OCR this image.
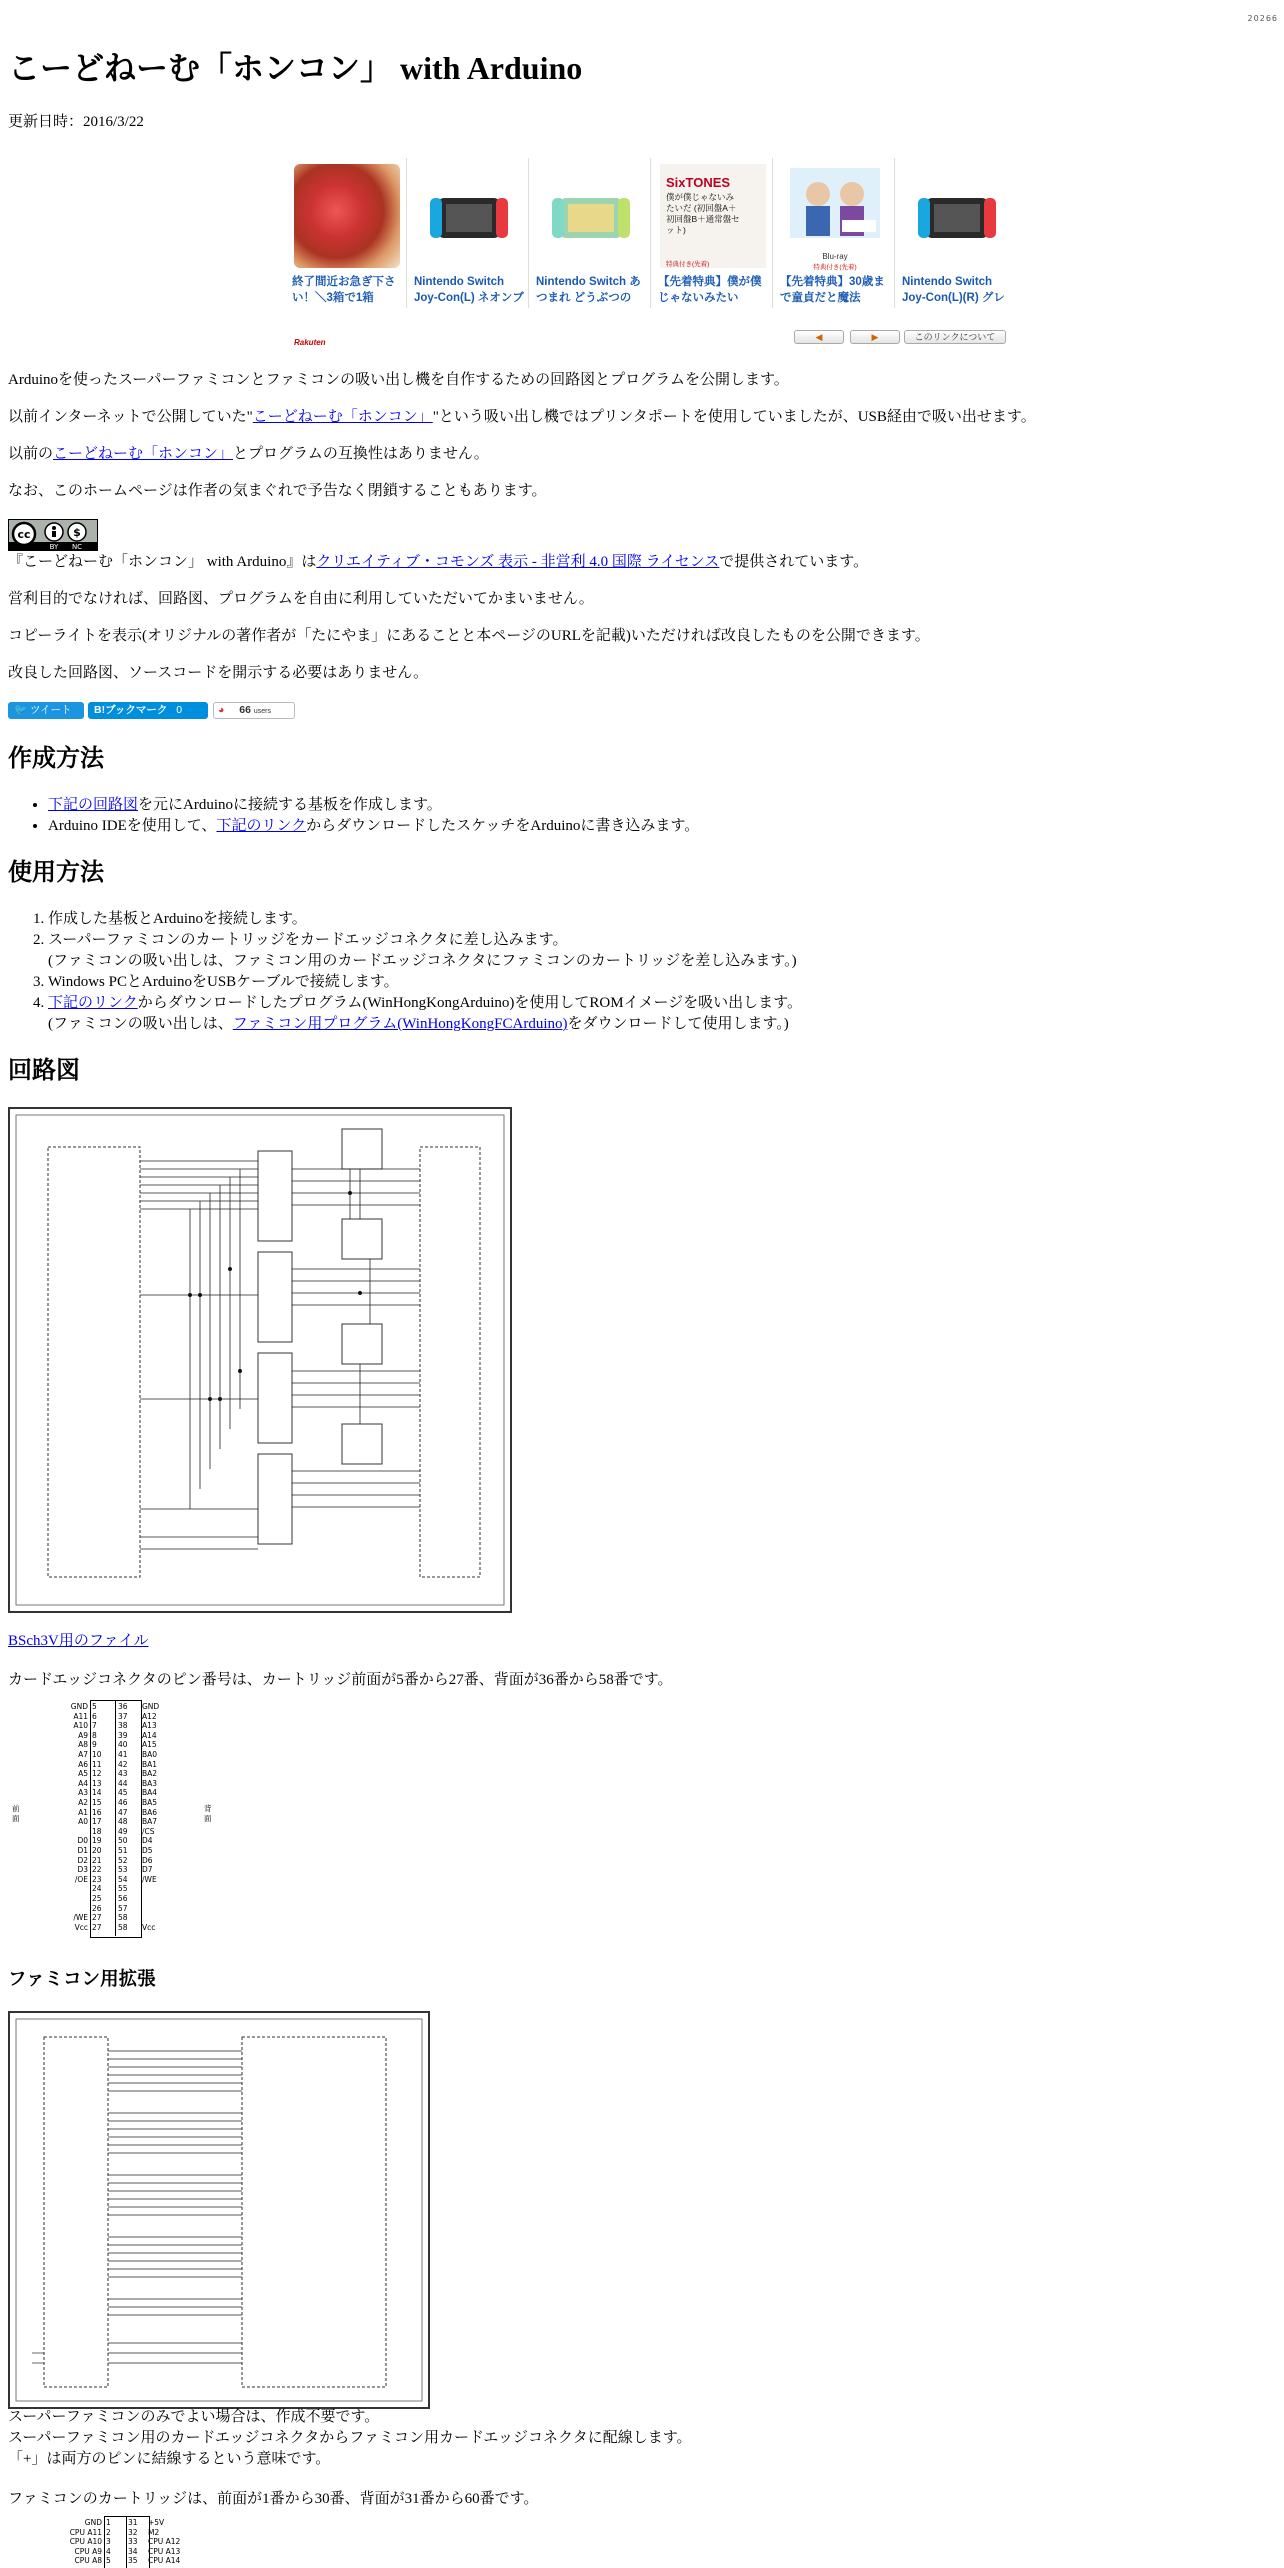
20266
こーどねーむ「ホンコン」 with Arduino
更新日時：2016/3/22
終了間近お急ぎ下さい！＼3箱で1箱
Nintendo Switch Joy-Con(L) ネオンブ
Nintendo Switch あつまれ どうぶつの
SixTONES
僕が僕じゃないみたいだ (初回盤A＋初回盤B＋通常盤セット)
特典付き(先着)
【先着特典】僕が僕じゃないみたい
Blu-ray
特典付き(先着)
【先着特典】30歳まで童貞だと魔法
Nintendo Switch Joy-Con(L)(R) グレ
Rakuten
◀	▶	このリンクについて

Arduinoを使ったスーパーファミコンとファミコンの吸い出し機を自作するための回路図とプログラムを公開します。

以前インターネットで公開していた"こーどねーむ「ホンコン」"という吸い出し機ではプリンタポートを使用していましたが、USB経由で吸い出せます。

以前のこーどねーむ「ホンコン」とプログラムの互換性はありません。

なお、このホームページは作者の気まぐれで予告なく閉鎖することもあります。

cc
BY NC
$

『こーどねーむ「ホンコン」 with Arduino』はクリエイティブ・コモンズ 表示 - 非営利 4.0 国際 ライセンスで提供されています。

営利目的でなければ、回路図、プログラムを自由に利用していただいてかまいません。

コピーライトを表示(オリジナルの著作者が「たにやま」にあることと本ページのURLを記載)いただければ改良したものを公開できます。

改良した回路図、ソースコードを開示する必要はありません。

🐦 ツイート	B!ブックマーク 0	◕ 66 users
作成方法
• 下記の回路図を元にArduinoに接続する基板を作成します。
• Arduino IDEを使用して、下記のリンクからダウンロードしたスケッチをArduinoに書き込みます。
使用方法
1. 作成した基板とArduinoを接続します。
2. スーパーファミコンのカートリッジをカードエッジコネクタに差し込みます。
(ファミコンの吸い出しは、ファミコン用のカードエッジコネクタにファミコンのカートリッジを差し込みます。)
3. Windows PCとArduinoをUSBケーブルで接続します。
4. 下記のリンクからダウンロードしたプログラム(WinHongKongArduino)を使用してROMイメージを吸い出します。
(ファミコンの吸い出しは、ファミコン用プログラム(WinHongKongFCArduino)をダウンロードして使用します。)
回路図
BSch3V用のファイル

カードエッジコネクタのピン番号は、カートリッジ前面が5番から27番、背面が36番から58番です。

前面
背面
GND 5	36	GND
A11 6	37	A12
A10 7	38	A13
A9 8	39	A14
A8 9	40	A15
A7 10	41	BA0
A6 11	42	BA1
A5 12	43	BA2
A4 13	44	BA3
A3 14	45	BA4
A2 15	46	BA5
A1 16	47	BA6
A0 17	48	BA7
18	49	/CS
D0 19	50	D4
D1 20	51	D5
D2 21	52	D6
D3 22	53	D7
/OE 23	54	/WE
24	55
25	56
26	57
/WE 27	58
Vcc 27	58	Vcc
ファミコン用拡張

スーパーファミコンのみでよい場合は、作成不要です。

スーパーファミコン用のカードエッジコネクタからファミコン用カードエッジコネクタに配線します。

「+」は両方のピンに結線するという意味です。

ファミコンのカートリッジは、前面が1番から30番、背面が31番から60番です。

GND 1	31	+5V
CPU A11 2	32	M2
CPU A10 3	33	CPU A12
CPU A9 4	34	CPU A13
CPU A8 5	35	CPU A14
